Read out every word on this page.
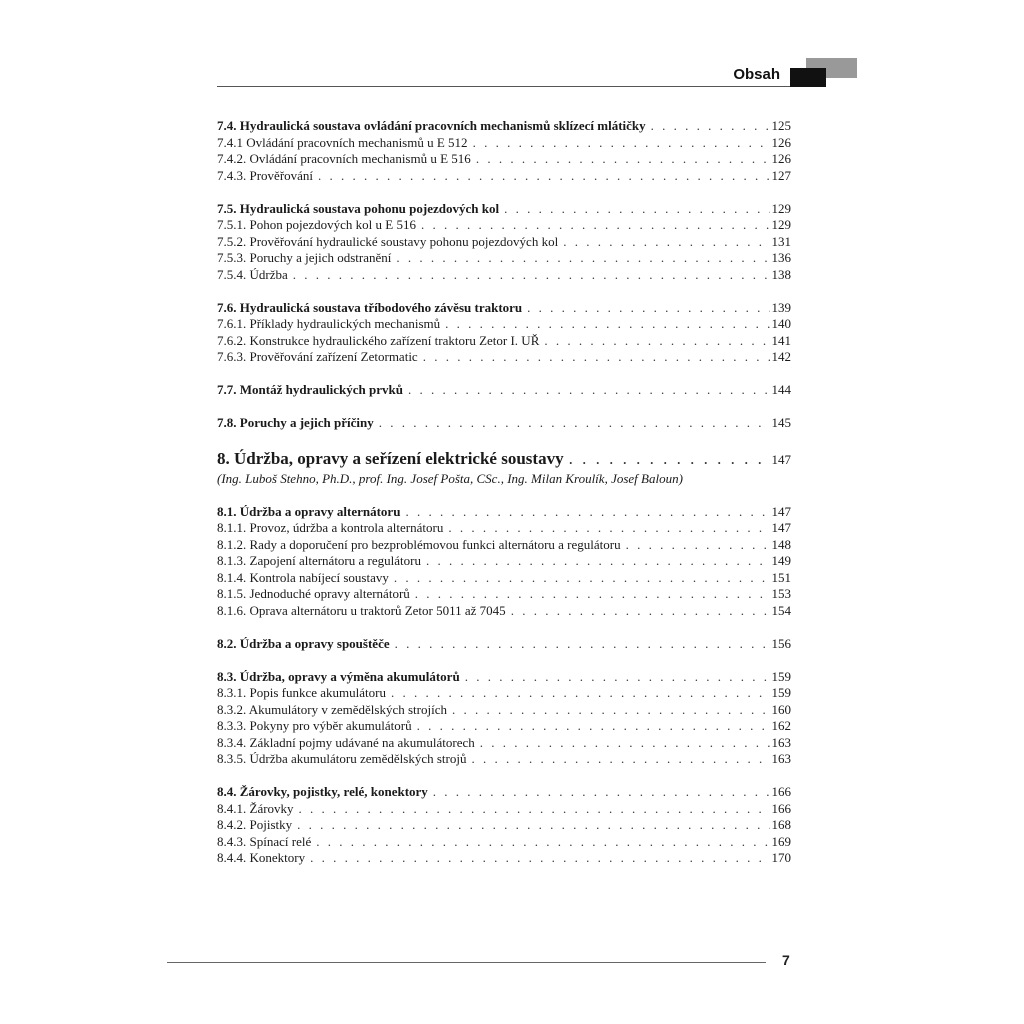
Obsah
7.4. Hydraulická soustava ovládání pracovních mechanismů sklízecí mlátičky . . .	125
7.4.1 Ovládání pracovních mechanismů u E 512 . . .	126
7.4.2. Ovládání pracovních mechanismů u E 516 . . .	126
7.4.3. Prověřování . . .	127
7.5. Hydraulická soustava pohonu pojezdových kol . . .	129
7.5.1. Pohon pojezdových kol u E 516 . . .	129
7.5.2. Prověřování hydraulické soustavy pohonu pojezdových kol . . .	131
7.5.3. Poruchy a jejich odstranění . . .	136
7.5.4. Údržba . . .	138
7.6. Hydraulická soustava tříbodového závěsu traktoru . . .	139
7.6.1. Příklady hydraulických mechanismů . . .	140
7.6.2. Konstrukce hydraulického zařízení traktoru Zetor I. UŘ . . .	141
7.6.3. Prověřování zařízení Zetormatic . . .	142
7.7. Montáž hydraulických prvků . . .	144
7.8. Poruchy a jejich příčiny . . .	145
8. Údržba, opravy a seřízení elektrické soustavy . . .	147
(Ing. Luboš Stehno, Ph.D., prof. Ing. Josef Pošta, CSc., Ing. Milan Kroulík, Josef Baloun)
8.1. Údržba a opravy alternátoru . . .	147
8.1.1. Provoz, údržba a kontrola alternátoru . . .	147
8.1.2. Rady a doporučení pro bezproblémovou funkci alternátoru a regulátoru . . .	148
8.1.3. Zapojení alternátoru a regulátoru . . .	149
8.1.4. Kontrola nabíjecí soustavy . . .	151
8.1.5. Jednoduché opravy alternátorů . . .	153
8.1.6. Oprava alternátoru u traktorů Zetor 5011 až 7045 . . .	154
8.2. Údržba a opravy spouštěče . . .	156
8.3. Údržba, opravy a výměna akumulátorů . . .	159
8.3.1. Popis funkce akumulátoru . . .	159
8.3.2. Akumulátory v zemědělských strojích . . .	160
8.3.3. Pokyny pro výběr akumulátorů . . .	162
8.3.4. Základní pojmy udávané na akumulátorech . . .	163
8.3.5. Údržba akumulátoru zemědělských strojů . . .	163
8.4. Žárovky, pojistky, relé, konektory . . .	166
8.4.1. Žárovky . . .	166
8.4.2. Pojistky . . .	168
8.4.3. Spínací relé . . .	169
8.4.4. Konektory . . .	170
7
